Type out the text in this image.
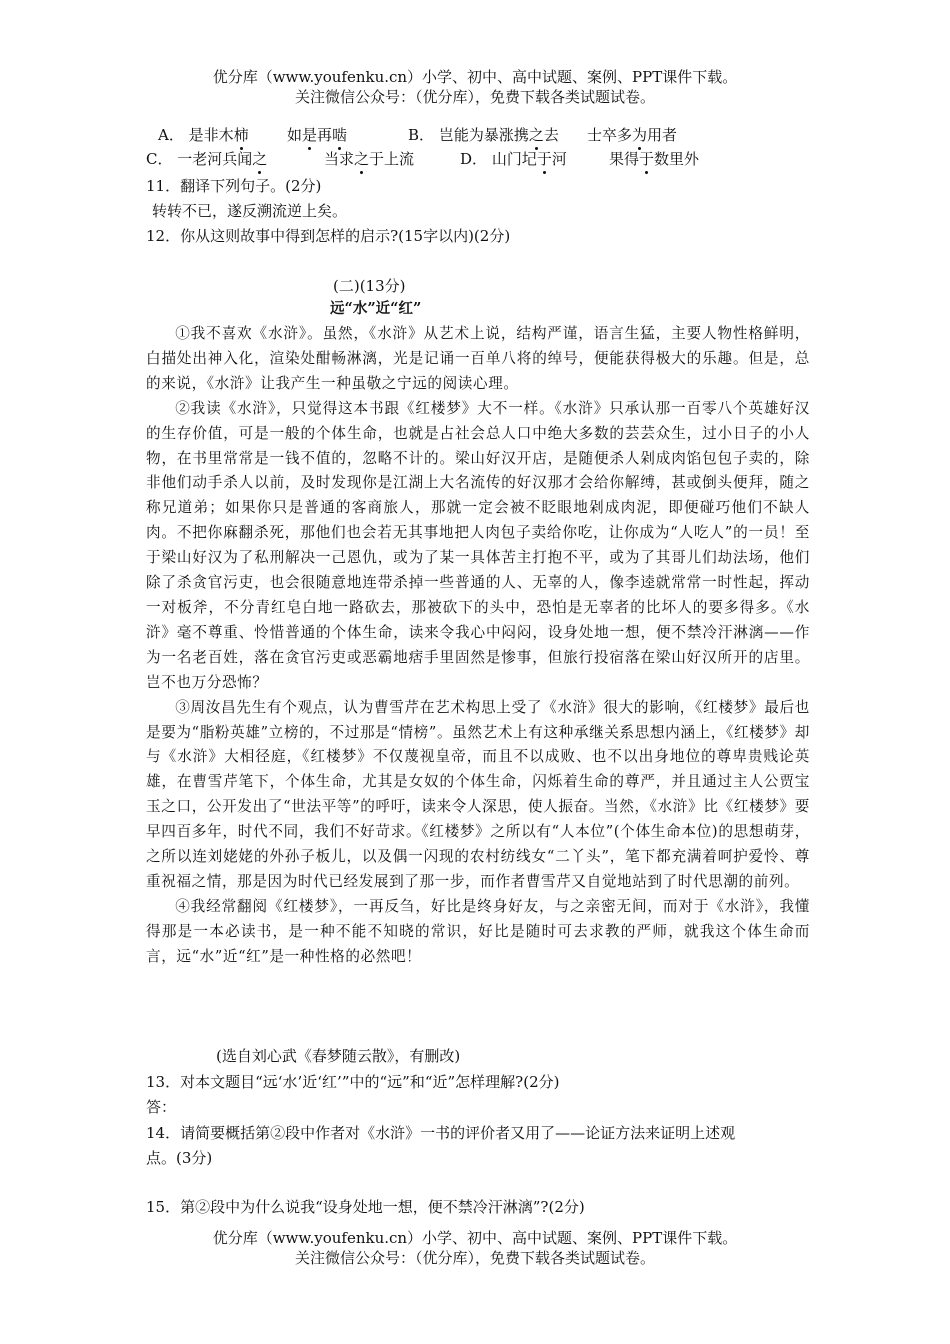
优分库（www.youfenku.cn）小学、初中、高中试题、案例、PPT课件下载。
关注微信公众号：（优分库），免费下载各类试题试卷。
A． 是非木柿	如是再啮	B． 岂能为暴涨携之去 士卒多为用者
C． 一老河兵闻之	当求之于上流	D． 山门圮于河	果得于数里外
11．翻译下列句子。(2分)
转转不已，遂反溯流逆上矣。
12．你从这则故事中得到怎样的启示?(15字以内)(2分)
(二)(13分)
远“水”近“红”

①我不喜欢《水浒》。虽然，《水浒》从艺术上说，结构严谨，语言生猛，主要人物性格鲜明，白描处出神入化，渲染处酣畅淋漓，光是记诵一百单八将的绰号，便能获得极大的乐趣。但是，总的来说，《水浒》让我产生一种虽敬之宁远的阅读心理。

②我读《水浒》，只觉得这本书跟《红楼梦》大不一样。《水浒》只承认那一百零八个英雄好汉的生存价值，可是一般的个体生命，也就是占社会总人口中绝大多数的芸芸众生，过小日子的小人物，在书里常常是一钱不值的，忽略不计的。梁山好汉开店，是随便杀人剁成肉馅包包子卖的，除非他们动手杀人以前，及时发现你是江湖上大名流传的好汉那才会给你解缚，甚或倒头便拜，随之称兄道弟；如果你只是普通的客商旅人，那就一定会被不眨眼地剁成肉泥，即便碰巧他们不缺人肉。不把你麻翻杀死，那他们也会若无其事地把人肉包子卖给你吃，让你成为“人吃人”的一员！至于梁山好汉为了私刑解决一己恩仇，或为了某一具体苦主打抱不平，或为了其哥儿们劫法场，他们除了杀贪官污吏，也会很随意地连带杀掉一些普通的人、无辜的人，像李逵就常常一时性起，挥动一对板斧，不分青红皂白地一路砍去，那被砍下的头中，恐怕是无辜者的比坏人的要多得多。《水浒》毫不尊重、怜惜普通的个体生命，读来令我心中闷闷，设身处地一想，便不禁冷汗淋漓——作为一名老百姓，落在贪官污吏或恶霸地痞手里固然是惨事，但旅行投宿落在梁山好汉所开的店里。岂不也万分恐怖？

③周汝昌先生有个观点，认为曹雪芹在艺术构思上受了《水浒》很大的影响，《红楼梦》最后也是要为“脂粉英雄”立榜的，不过那是“情榜”。虽然艺术上有这种承继关系思想内涵上，《红楼梦》却与《水浒》大相径庭，《红楼梦》不仅蔑视皇帝，而且不以成败、也不以出身地位的尊卑贵贱论英雄，在曹雪芹笔下，个体生命，尤其是女奴的个体生命，闪烁着生命的尊严，并且通过主人公贾宝玉之口，公开发出了“世法平等”的呼吁，读来令人深思，使人振奋。当然，《水浒》比《红楼梦》要早四百多年，时代不同，我们不好苛求。《红楼梦》之所以有“人本位”(个体生命本位)的思想萌芽，之所以连刘姥姥的外孙子板儿，以及偶一闪现的农村纺线女“二丫头”，笔下都充满着呵护爱怜、尊重祝福之情，那是因为时代已经发展到了那一步，而作者曹雪芹又自觉地站到了时代思潮的前列。

④我经常翻阅《红楼梦》，一再反刍，好比是终身好友，与之亲密无间，而对于《水浒》，我懂得那是一本必读书，是一种不能不知晓的常识，好比是随时可去求教的严师，就我这个体生命而言，远“水”近“红”是一种性格的必然吧！

(选自刘心武《春梦随云散》，有删改)
13．对本文题目“远‘水’近‘红’”中的“远”和“近”怎样理解?(2分)
答：
14．请简要概括第②段中作者对《水浒》一书的评价者又用了——论证方法来证明上述观
点。(3分)
15．第②段中为什么说我“设身处地一想，便不禁冷汗淋漓”?(2分)
优分库（www.youfenku.cn）小学、初中、高中试题、案例、PPT课件下载。
关注微信公众号：（优分库），免费下载各类试题试卷。
